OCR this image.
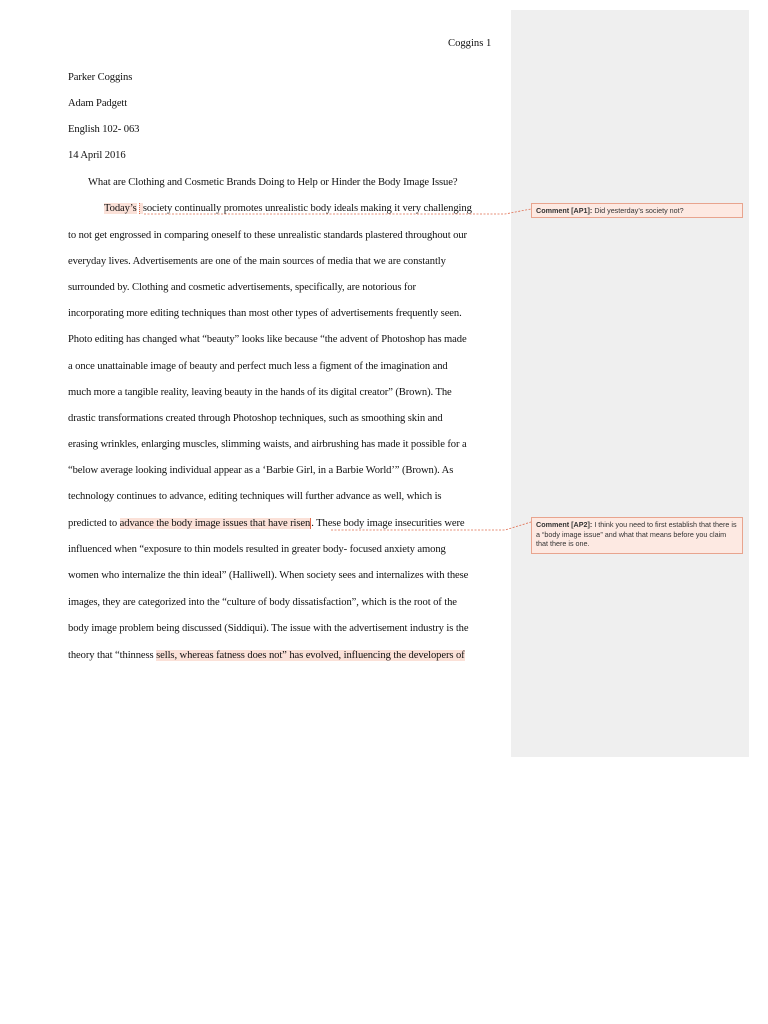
Coggins 1
Parker Coggins
Adam Padgett
English 102- 063
14 April 2016
What are Clothing and Cosmetic Brands Doing to Help or Hinder the Body Image Issue?
Today’s society continually promotes unrealistic body ideals making it very challenging
to not get engrossed in comparing oneself to these unrealistic standards plastered throughout our
everyday lives. Advertisements are one of the main sources of media that we are constantly
surrounded by. Clothing and cosmetic advertisements, specifically, are notorious for
incorporating more editing techniques than most other types of advertisements frequently seen.
Photo editing has changed what “beauty” looks like because “the advent of Photoshop has made
a once unattainable image of beauty and perfect much less a figment of the imagination and
much more a tangible reality, leaving beauty in the hands of its digital creator” (Brown). The
drastic transformations created through Photoshop techniques, such as smoothing skin and
erasing wrinkles, enlarging muscles, slimming waists, and airbrushing has made it possible for a
“below average looking individual appear as a ‘Barbie Girl, in a Barbie World’” (Brown). As
technology continues to advance, editing techniques will further advance as well, which is
predicted to advance the body image issues that have risen. These body image insecurities were
influenced when “exposure to thin models resulted in greater body- focused anxiety among
women who internalize the thin ideal” (Halliwell). When society sees and internalizes with these
images, they are categorized into the “culture of body dissatisfaction”, which is the root of the
body image problem being discussed (Siddiqui). The issue with the advertisement industry is the
theory that “thinness sells, whereas fatness does not” has evolved, influencing the developers of
Comment [AP1]: Did yesterday’s society not?
Comment [AP2]: I think you need to first establish that there is a “body image issue” and what that means before you claim that there is one.
